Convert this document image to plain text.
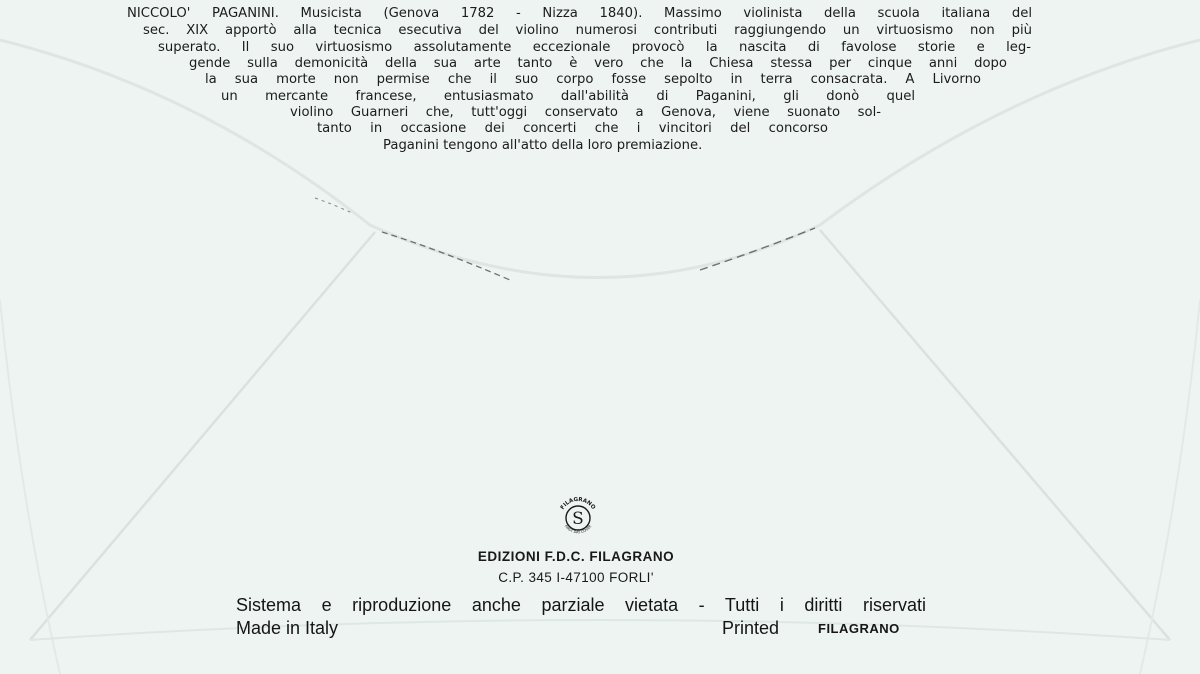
NICCOLO' PAGANINI. Musicista (Genova 1782 - Nizza 1840). Massimo violinista della scuola italiana del
sec. XIX apportò alla tecnica esecutiva del violino numerosi contributi raggiungendo un virtuosismo non più
superato. Il suo virtuosismo assolutamente eccezionale provocò la nascita di favolose storie e leg-
gende sulla demonicità della sua arte tanto è vero che la Chiesa stessa per cinque anni dopo
la sua morte non permise che il suo corpo fosse sepolto in terra consacrata. A Livorno
un mercante francese, entusiasmato dall'abilità di Paganini, gli donò quel
violino Guarneri che, tutt'oggi conservato a Genova, viene suonato sol-
tanto in occasione dei concerti che i vincitori del concorso
Paganini tengono all'atto della loro premiazione.
S
FILAGRANO
FIRST DAY COVER
EDIZIONI F.D.C. FILAGRANO
C.P. 345 I-47100 FORLI'
Sistema e riproduzione anche parziale vietata - Tutti i diritti riservati
Made in Italy	Printed	FILAGRANO
